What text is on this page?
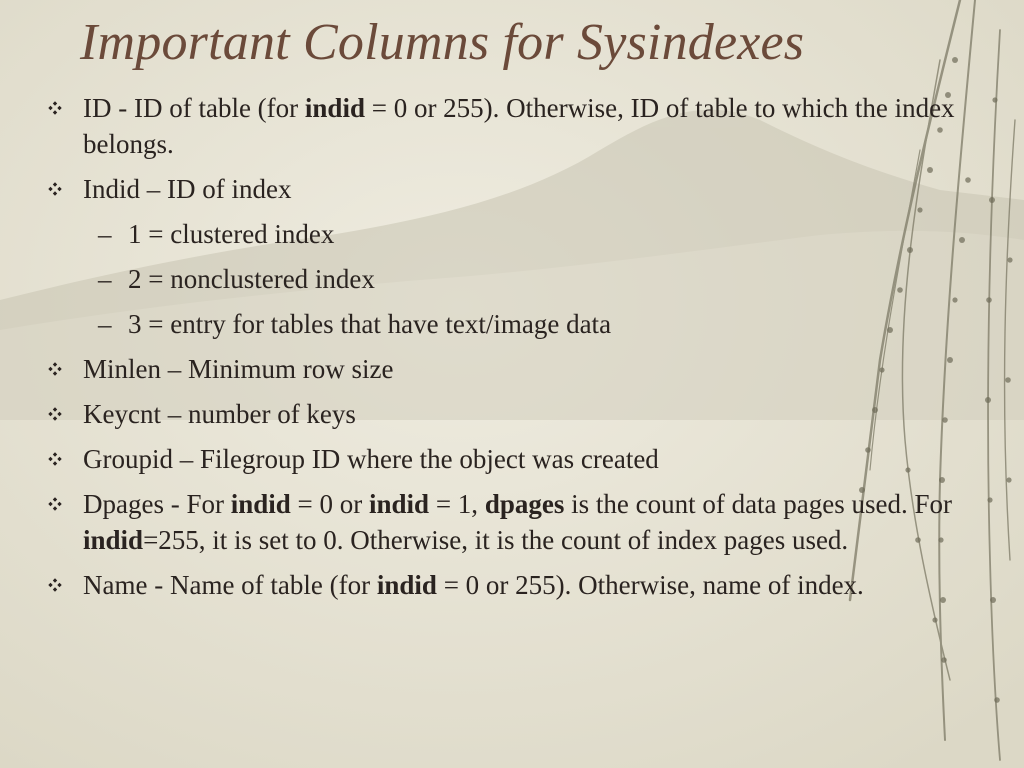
Important Columns for Sysindexes
ID - ID of table (for indid = 0 or 255). Otherwise, ID of table to which the index belongs.
Indid – ID of index
– 1 = clustered index
– 2 = nonclustered index
– 3 = entry for tables that have text/image data
Minlen – Minimum row size
Keycnt – number of keys
Groupid – Filegroup ID where the object was created
Dpages - For indid = 0 or indid = 1, dpages is the count of data pages used. For indid=255, it is set to 0. Otherwise, it is the count of index pages used.
Name - Name of table (for indid = 0 or 255). Otherwise, name of index.
